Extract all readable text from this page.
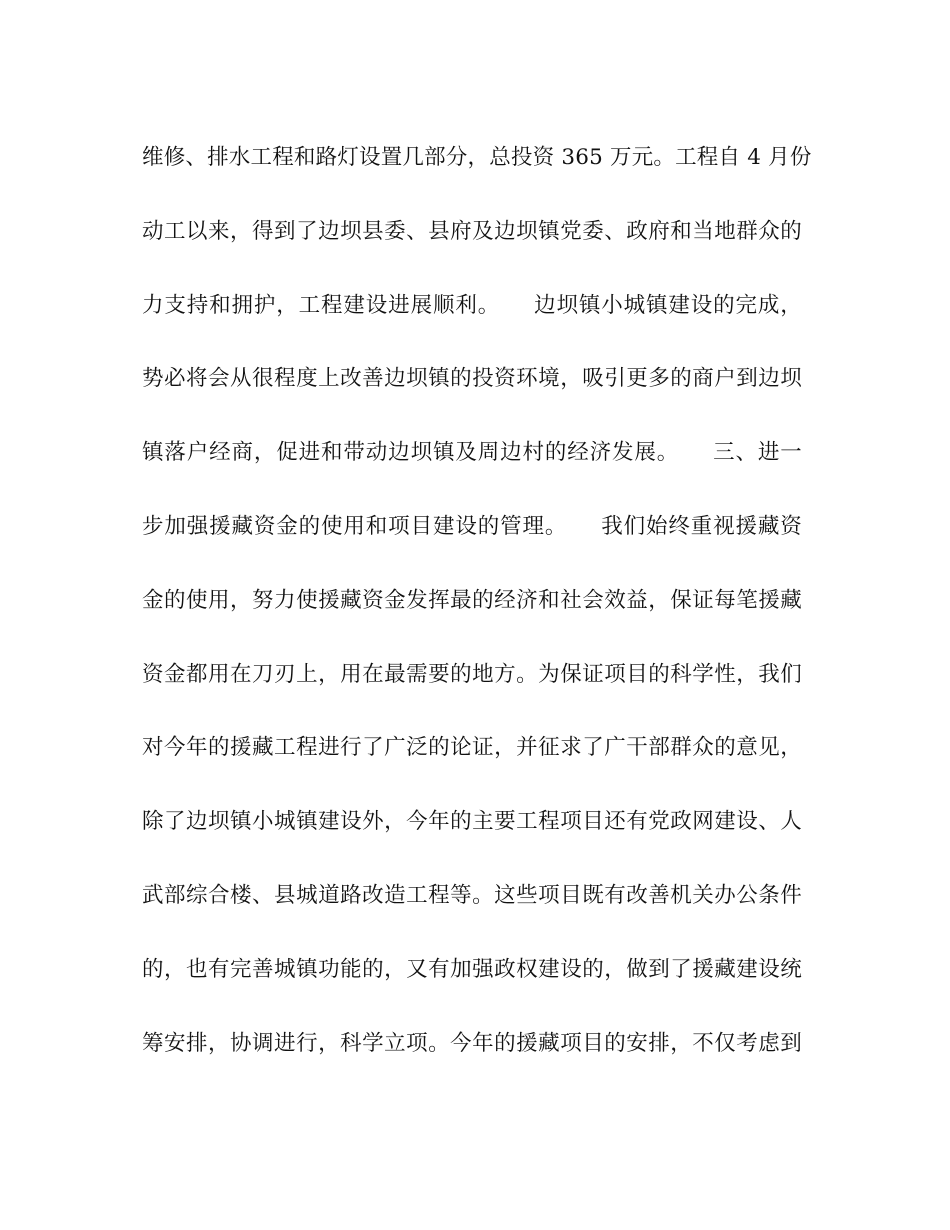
维修、排水工程和路灯设置几部分，总投资 365 万元。工程自 4 月份
动工以来，得到了边坝县委、县府及边坝镇党委、政府和当地群众的
力支持和拥护，工程建设进展顺利。　　边坝镇小城镇建设的完成，
势必将会从很程度上改善边坝镇的投资环境，吸引更多的商户到边坝
镇落户经商，促进和带动边坝镇及周边村的经济发展。　　三、进一
步加强援藏资金的使用和项目建设的管理。　　我们始终重视援藏资
金的使用，努力使援藏资金发挥最的经济和社会效益，保证每笔援藏
资金都用在刀刃上，用在最需要的地方。为保证项目的科学性，我们
对今年的援藏工程进行了广泛的论证，并征求了广干部群众的意见，
除了边坝镇小城镇建设外，今年的主要工程项目还有党政网建设、人
武部综合楼、县城道路改造工程等。这些项目既有改善机关办公条件
的，也有完善城镇功能的，又有加强政权建设的，做到了援藏建设统
筹安排，协调进行，科学立项。今年的援藏项目的安排，不仅考虑到
